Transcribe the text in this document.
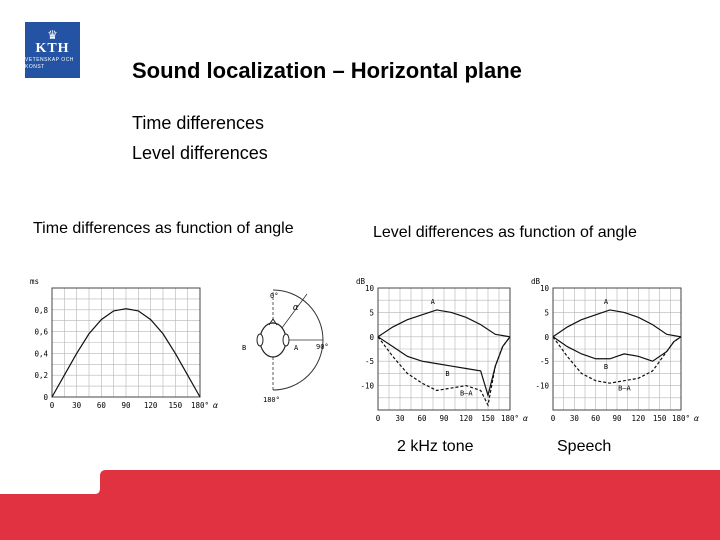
♛
KTH
VETENSKAP OCH KONST	Sound localization – Horizontal plane
Time differences
Level differences
Time differences as function of angle	Level differences as function of angle
0 30 60 90 120 150 180° α
0
0,2
0,4
0,6
0,8
ms
0°
α
90°
180°
B	A
0 30 60 90 120 150 180° α
10
5
0
-5
-10
dB
A
B
B–A
0 30 60 90 120 150 180° α
10
5
0
-5
-10
dB
A
B
B–A
2 kHz tone	Speech
